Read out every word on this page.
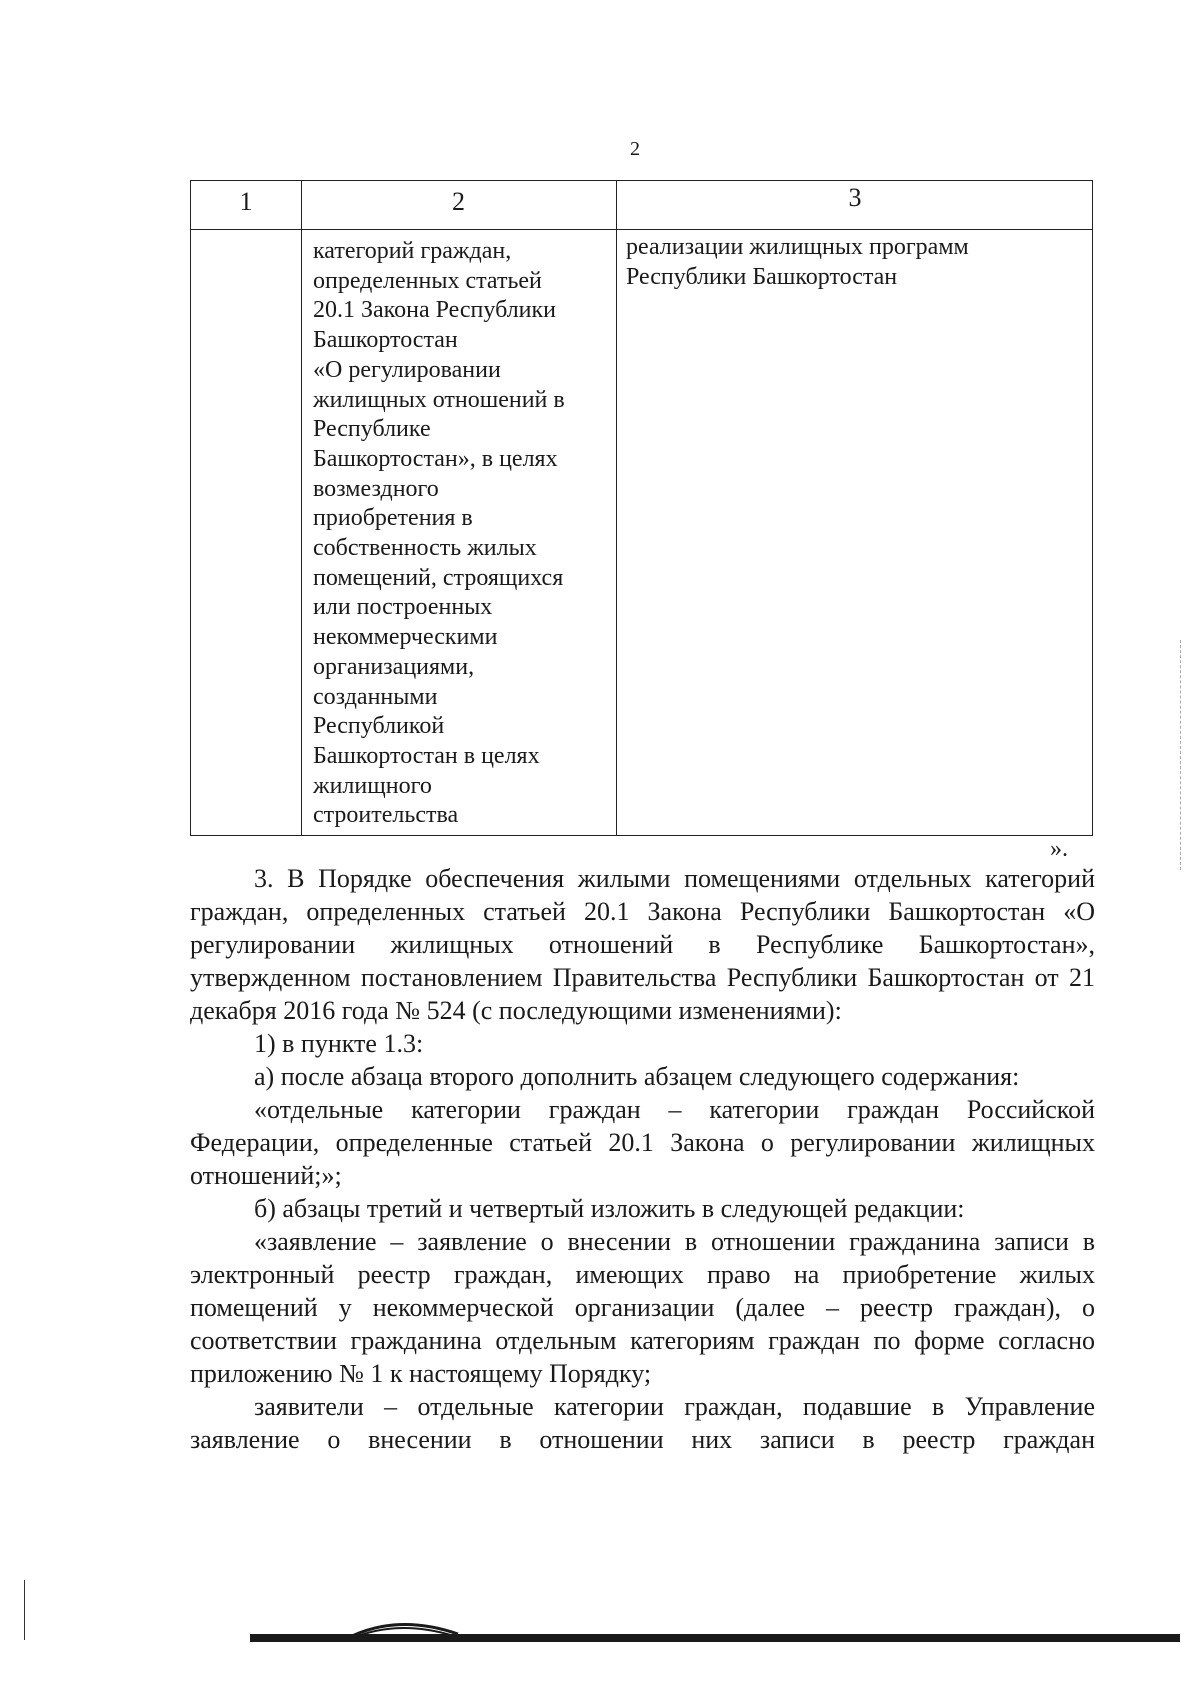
2
1	2	3
категорий граждан,
определенных статьей
20.1 Закона Республики
Башкортостан
«О регулировании
жилищных отношений в
Республике
Башкортостан», в целях
возмездного
приобретения в
собственность жилых
помещений, строящихся
или построенных
некоммерческими
организациями,
созданными
Республикой
Башкортостан в целях
жилищного
строительства
реализации жилищных программ
Республики Башкортостан
».

3. В Порядке обеспечения жилыми помещениями отдельных категорий граждан, определенных статьей 20.1 Закона Республики Башкортостан «О регулировании жилищных отношений в Республике Башкортостан», утвержденном постановлением Правительства Республики Башкортостан от 21 декабря 2016 года № 524 (с последующими изменениями):

1) в пункте 1.3:

а) после абзаца второго дополнить абзацем следующего содержания:

«отдельные категории граждан – категории граждан Российской Федерации, определенные статьей 20.1 Закона о регулировании жилищных отношений;»;

б) абзацы третий и четвертый изложить в следующей редакции:

«заявление – заявление о внесении в отношении гражданина записи в электронный реестр граждан, имеющих право на приобретение жилых помещений у некоммерческой организации (далее – реестр граждан), о соответствии гражданина отдельным категориям граждан по форме согласно приложению № 1 к настоящему Порядку;

заявители – отдельные категории граждан, подавшие в Управление заявление о внесении в отношении них записи в реестр граждан
